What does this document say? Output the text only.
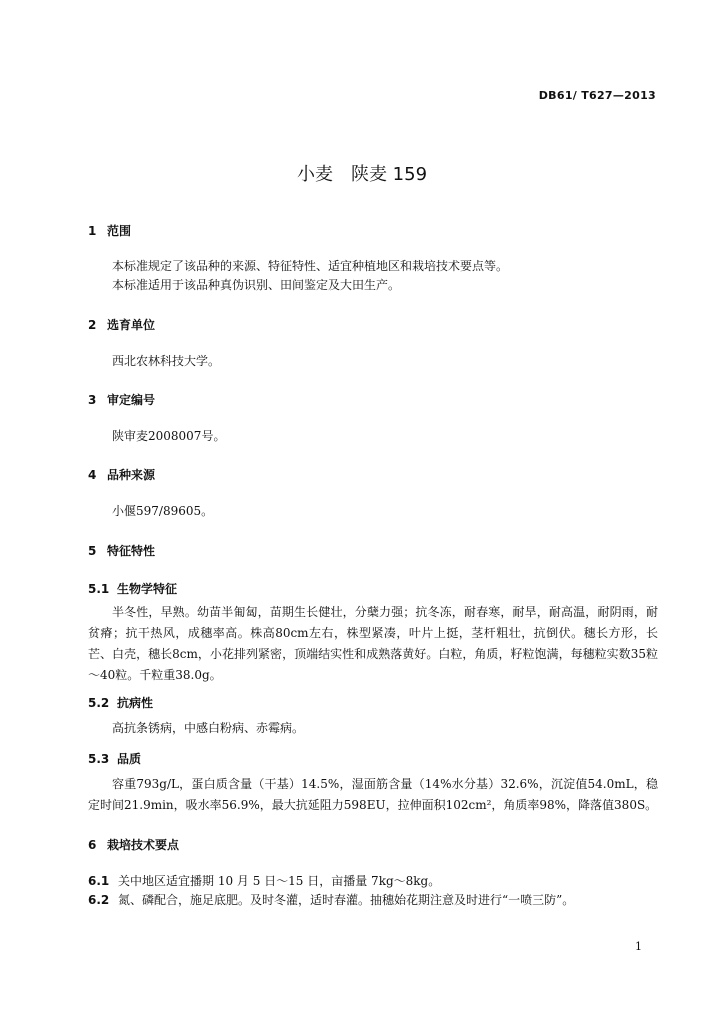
DB61/ T627—2013
小麦 陕麦 159
1 范围
本标准规定了该品种的来源、特征特性、适宜种植地区和栽培技术要点等。
本标准适用于该品种真伪识别、田间鉴定及大田生产。
2 选育单位
西北农林科技大学。
3 审定编号
陕审麦2008007号。
4 品种来源
小偃597/89605。
5 特征特性
5.1 生物学特征
半冬性，早熟。幼苗半匍匐，苗期生长健壮，分蘖力强；抗冬冻，耐春寒，耐旱，耐高温，耐阴雨，耐贫瘠；抗干热风，成穗率高。株高80cm左右，株型紧凑，叶片上挺，茎杆粗壮，抗倒伏。穗长方形，长芒、白壳，穗长8cm，小花排列紧密，顶端结实性和成熟落黄好。白粒，角质，籽粒饱满，每穗粒实数35粒～40粒。千粒重38.0g。
5.2 抗病性
高抗条锈病，中感白粉病、赤霉病。
5.3 品质
容重793g/L，蛋白质含量（干基）14.5%，湿面筋含量（14%水分基）32.6%，沉淀值54.0mL，稳定时间21.9min，吸水率56.9%，最大抗延阻力598EU，拉伸面积102cm²，角质率98%，降落值380S。
6 栽培技术要点
6.1 关中地区适宜播期 10 月 5 日～15 日，亩播量 7kg～8kg。
6.2 氮、磷配合，施足底肥。及时冬灌，适时春灌。抽穗始花期注意及时进行“一喷三防”。
1
